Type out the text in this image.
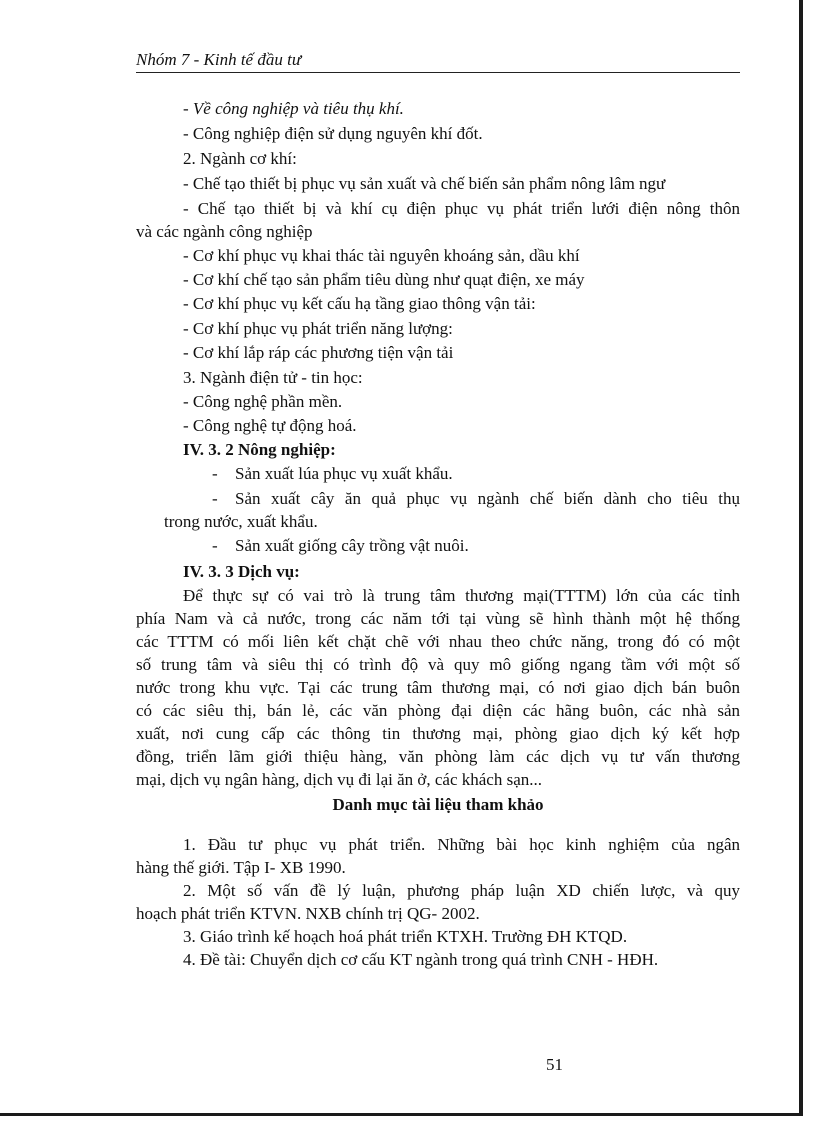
Nhóm 7 - Kinh tế đầu tư
- Về công nghiệp và tiêu thụ khí.
- Công nghiệp điện sử dụng nguyên khí đốt.
2. Ngành cơ khí:
- Chế tạo thiết bị phục vụ sản xuất và chế biến sản phẩm nông lâm ngư
- Chế tạo thiết bị và khí cụ điện phục vụ phát triển lưới điện nông thôn
và các ngành công nghiệp
- Cơ khí phục vụ khai thác tài nguyên khoáng sản, dầu khí
- Cơ khí chế tạo sản phẩm tiêu dùng như quạt điện, xe máy
- Cơ khí phục vụ kết cấu hạ tầng giao thông vận tải:
- Cơ khí phục vụ phát triển năng lượng:
- Cơ khí lắp ráp các phương tiện vận tải
3. Ngành điện tử - tin học:
- Công nghệ phần mền.
- Công nghệ tự động hoá.
IV. 3. 2 Nông nghiệp:
- Sản xuất lúa phục vụ xuất khẩu.
- Sản xuất cây ăn quả phục vụ ngành chế biến dành cho tiêu thụ
trong nước, xuất khẩu.
- Sản xuất giống cây trồng vật nuôi.
IV. 3. 3 Dịch vụ:
Để thực sự có vai trò là trung tâm thương mại(TTTM) lớn của các tỉnh
phía Nam và cả nước, trong các năm tới tại vùng sẽ hình thành một hệ thống
các TTTM có mối liên kết chặt chẽ với nhau theo chức năng, trong đó có một
số trung tâm và siêu thị có trình độ và quy mô giống ngang tầm với một số
nước trong khu vực. Tại các trung tâm thương mại, có nơi giao dịch bán buôn
có các siêu thị, bán lẻ, các văn phòng đại diện các hãng buôn, các nhà sản
xuất, nơi cung cấp các thông tin thương mại, phòng giao dịch ký kết hợp
đồng, triển lãm giới thiệu hàng, văn phòng làm các dịch vụ tư vấn thương
mại, dịch vụ ngân hàng, dịch vụ đi lại ăn ở, các khách sạn...
Danh mục tài liệu tham khảo
1. Đầu tư phục vụ phát triển. Những bài học kinh nghiệm của ngân
hàng thế giới. Tập I- XB 1990.
2. Một số vấn đề lý luận, phương pháp luận XD chiến lược, và quy
hoạch phát triển KTVN. NXB chính trị QG- 2002.
3. Giáo trình kế hoạch hoá phát triển KTXH. Trường ĐH KTQD.
4. Đề tài: Chuyển dịch cơ cấu KT ngành trong quá trình CNH - HĐH.
51
